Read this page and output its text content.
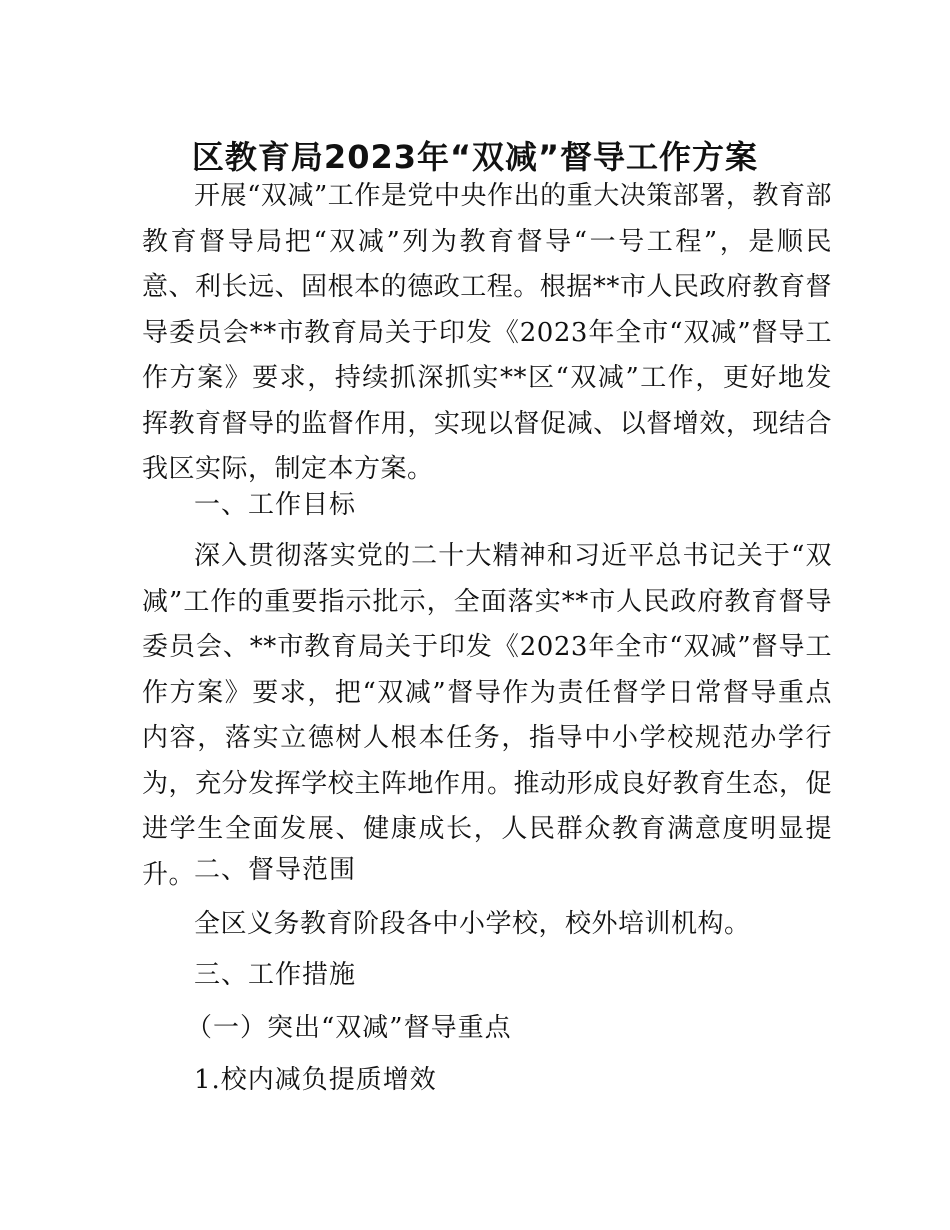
区教育局2023年“双减”督导工作方案

开展“双减”工作是党中央作出的重大决策部署，教育部教育督导局把“双减”列为教育督导“一号工程”，是顺民意、利长远、固根本的德政工程。根据**市人民政府教育督导委员会**市教育局关于印发《2023年全市“双减”督导工作方案》要求，持续抓深抓实**区“双减”工作，更好地发挥教育督导的监督作用，实现以督促减、以督增效，现结合我区实际，制定本方案。

一、工作目标

深入贯彻落实党的二十大精神和习近平总书记关于“双减”工作的重要指示批示，全面落实**市人民政府教育督导委员会、**市教育局关于印发《2023年全市“双减”督导工作方案》要求，把“双减”督导作为责任督学日常督导重点内容，落实立德树人根本任务，指导中小学校规范办学行为，充分发挥学校主阵地作用。推动形成良好教育生态，促进学生全面发展、健康成长，人民群众教育满意度明显提升。

二、督导范围

全区义务教育阶段各中小学校，校外培训机构。

三、工作措施

（一）突出“双减”督导重点

1.校内减负提质增效
